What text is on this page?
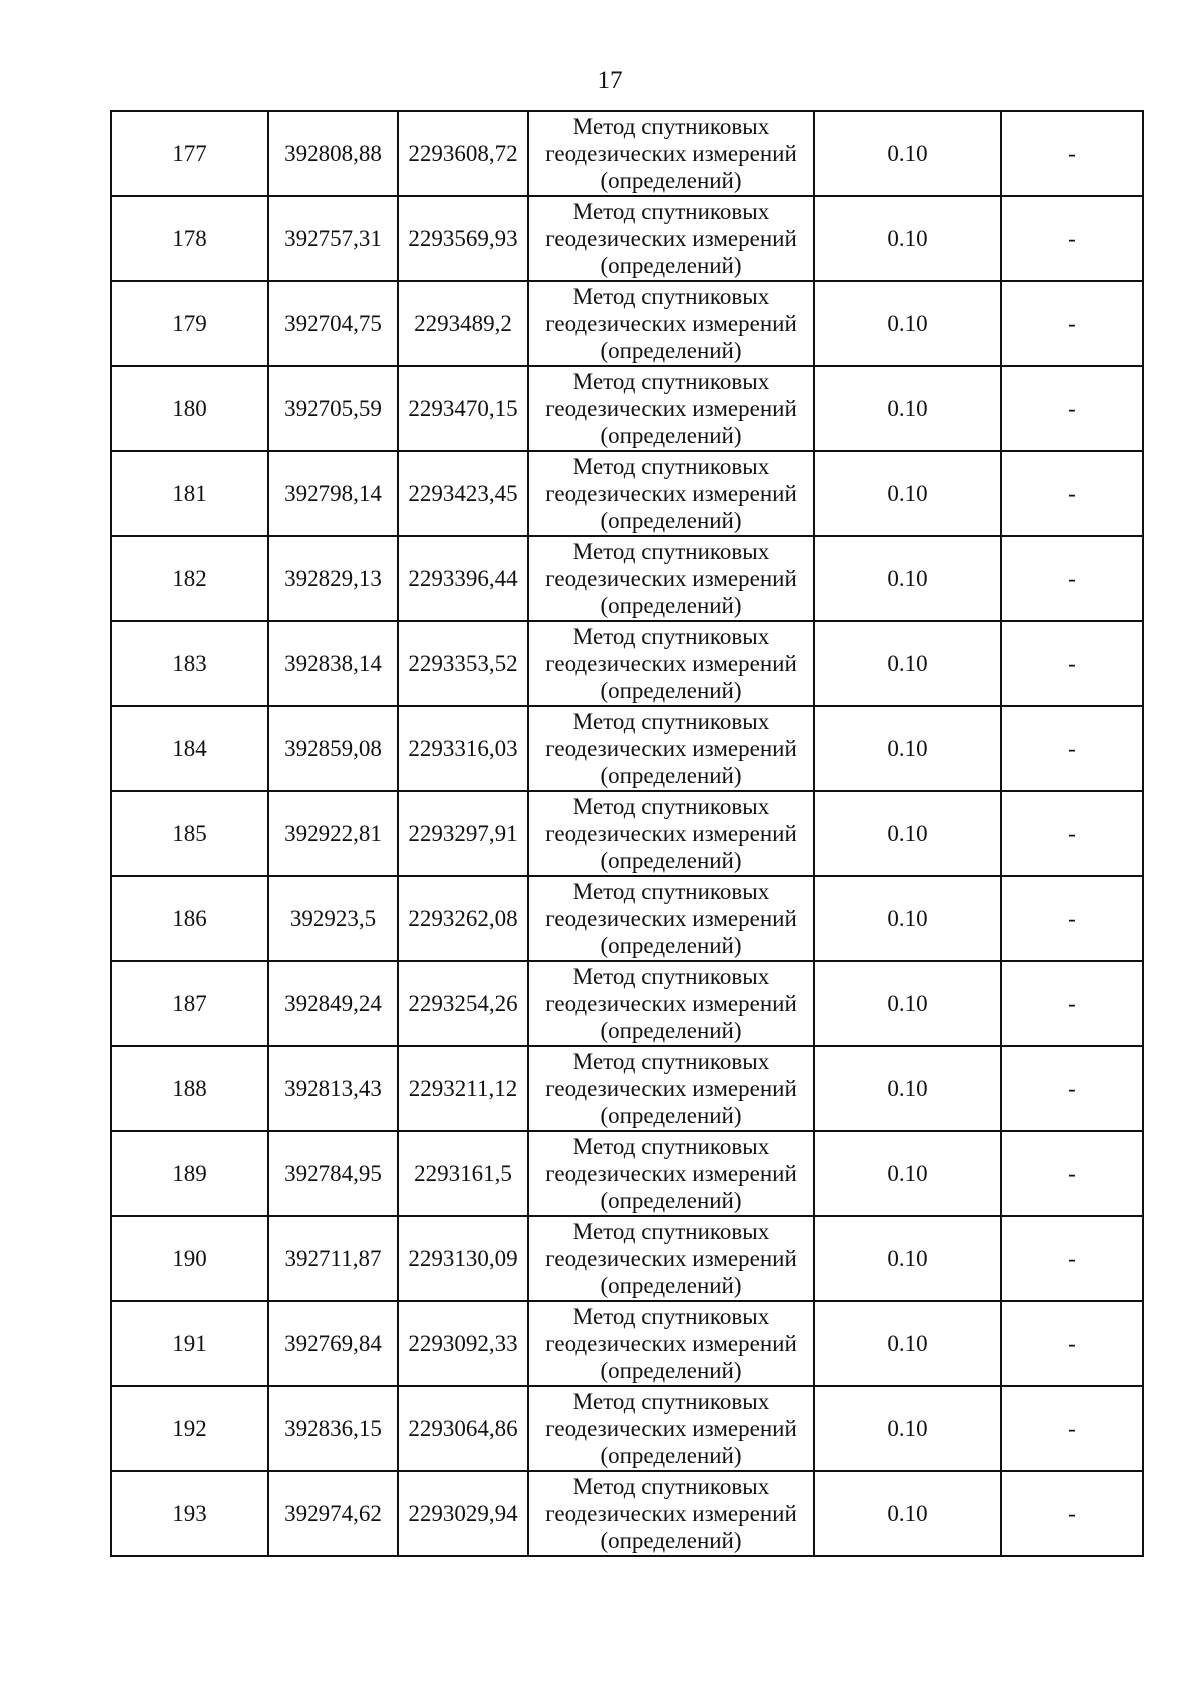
17
177	392808,88	2293608,72	Метод спутниковых
геодезических измерений
(определений)	0.10	-
178	392757,31	2293569,93	Метод спутниковых
геодезических измерений
(определений)	0.10	-
179	392704,75	2293489,2	Метод спутниковых
геодезических измерений
(определений)	0.10	-
180	392705,59	2293470,15	Метод спутниковых
геодезических измерений
(определений)	0.10	-
181	392798,14	2293423,45	Метод спутниковых
геодезических измерений
(определений)	0.10	-
182	392829,13	2293396,44	Метод спутниковых
геодезических измерений
(определений)	0.10	-
183	392838,14	2293353,52	Метод спутниковых
геодезических измерений
(определений)	0.10	-
184	392859,08	2293316,03	Метод спутниковых
геодезических измерений
(определений)	0.10	-
185	392922,81	2293297,91	Метод спутниковых
геодезических измерений
(определений)	0.10	-
186	392923,5	2293262,08	Метод спутниковых
геодезических измерений
(определений)	0.10	-
187	392849,24	2293254,26	Метод спутниковых
геодезических измерений
(определений)	0.10	-
188	392813,43	2293211,12	Метод спутниковых
геодезических измерений
(определений)	0.10	-
189	392784,95	2293161,5	Метод спутниковых
геодезических измерений
(определений)	0.10	-
190	392711,87	2293130,09	Метод спутниковых
геодезических измерений
(определений)	0.10	-
191	392769,84	2293092,33	Метод спутниковых
геодезических измерений
(определений)	0.10	-
192	392836,15	2293064,86	Метод спутниковых
геодезических измерений
(определений)	0.10	-
193	392974,62	2293029,94	Метод спутниковых
геодезических измерений
(определений)	0.10	-
